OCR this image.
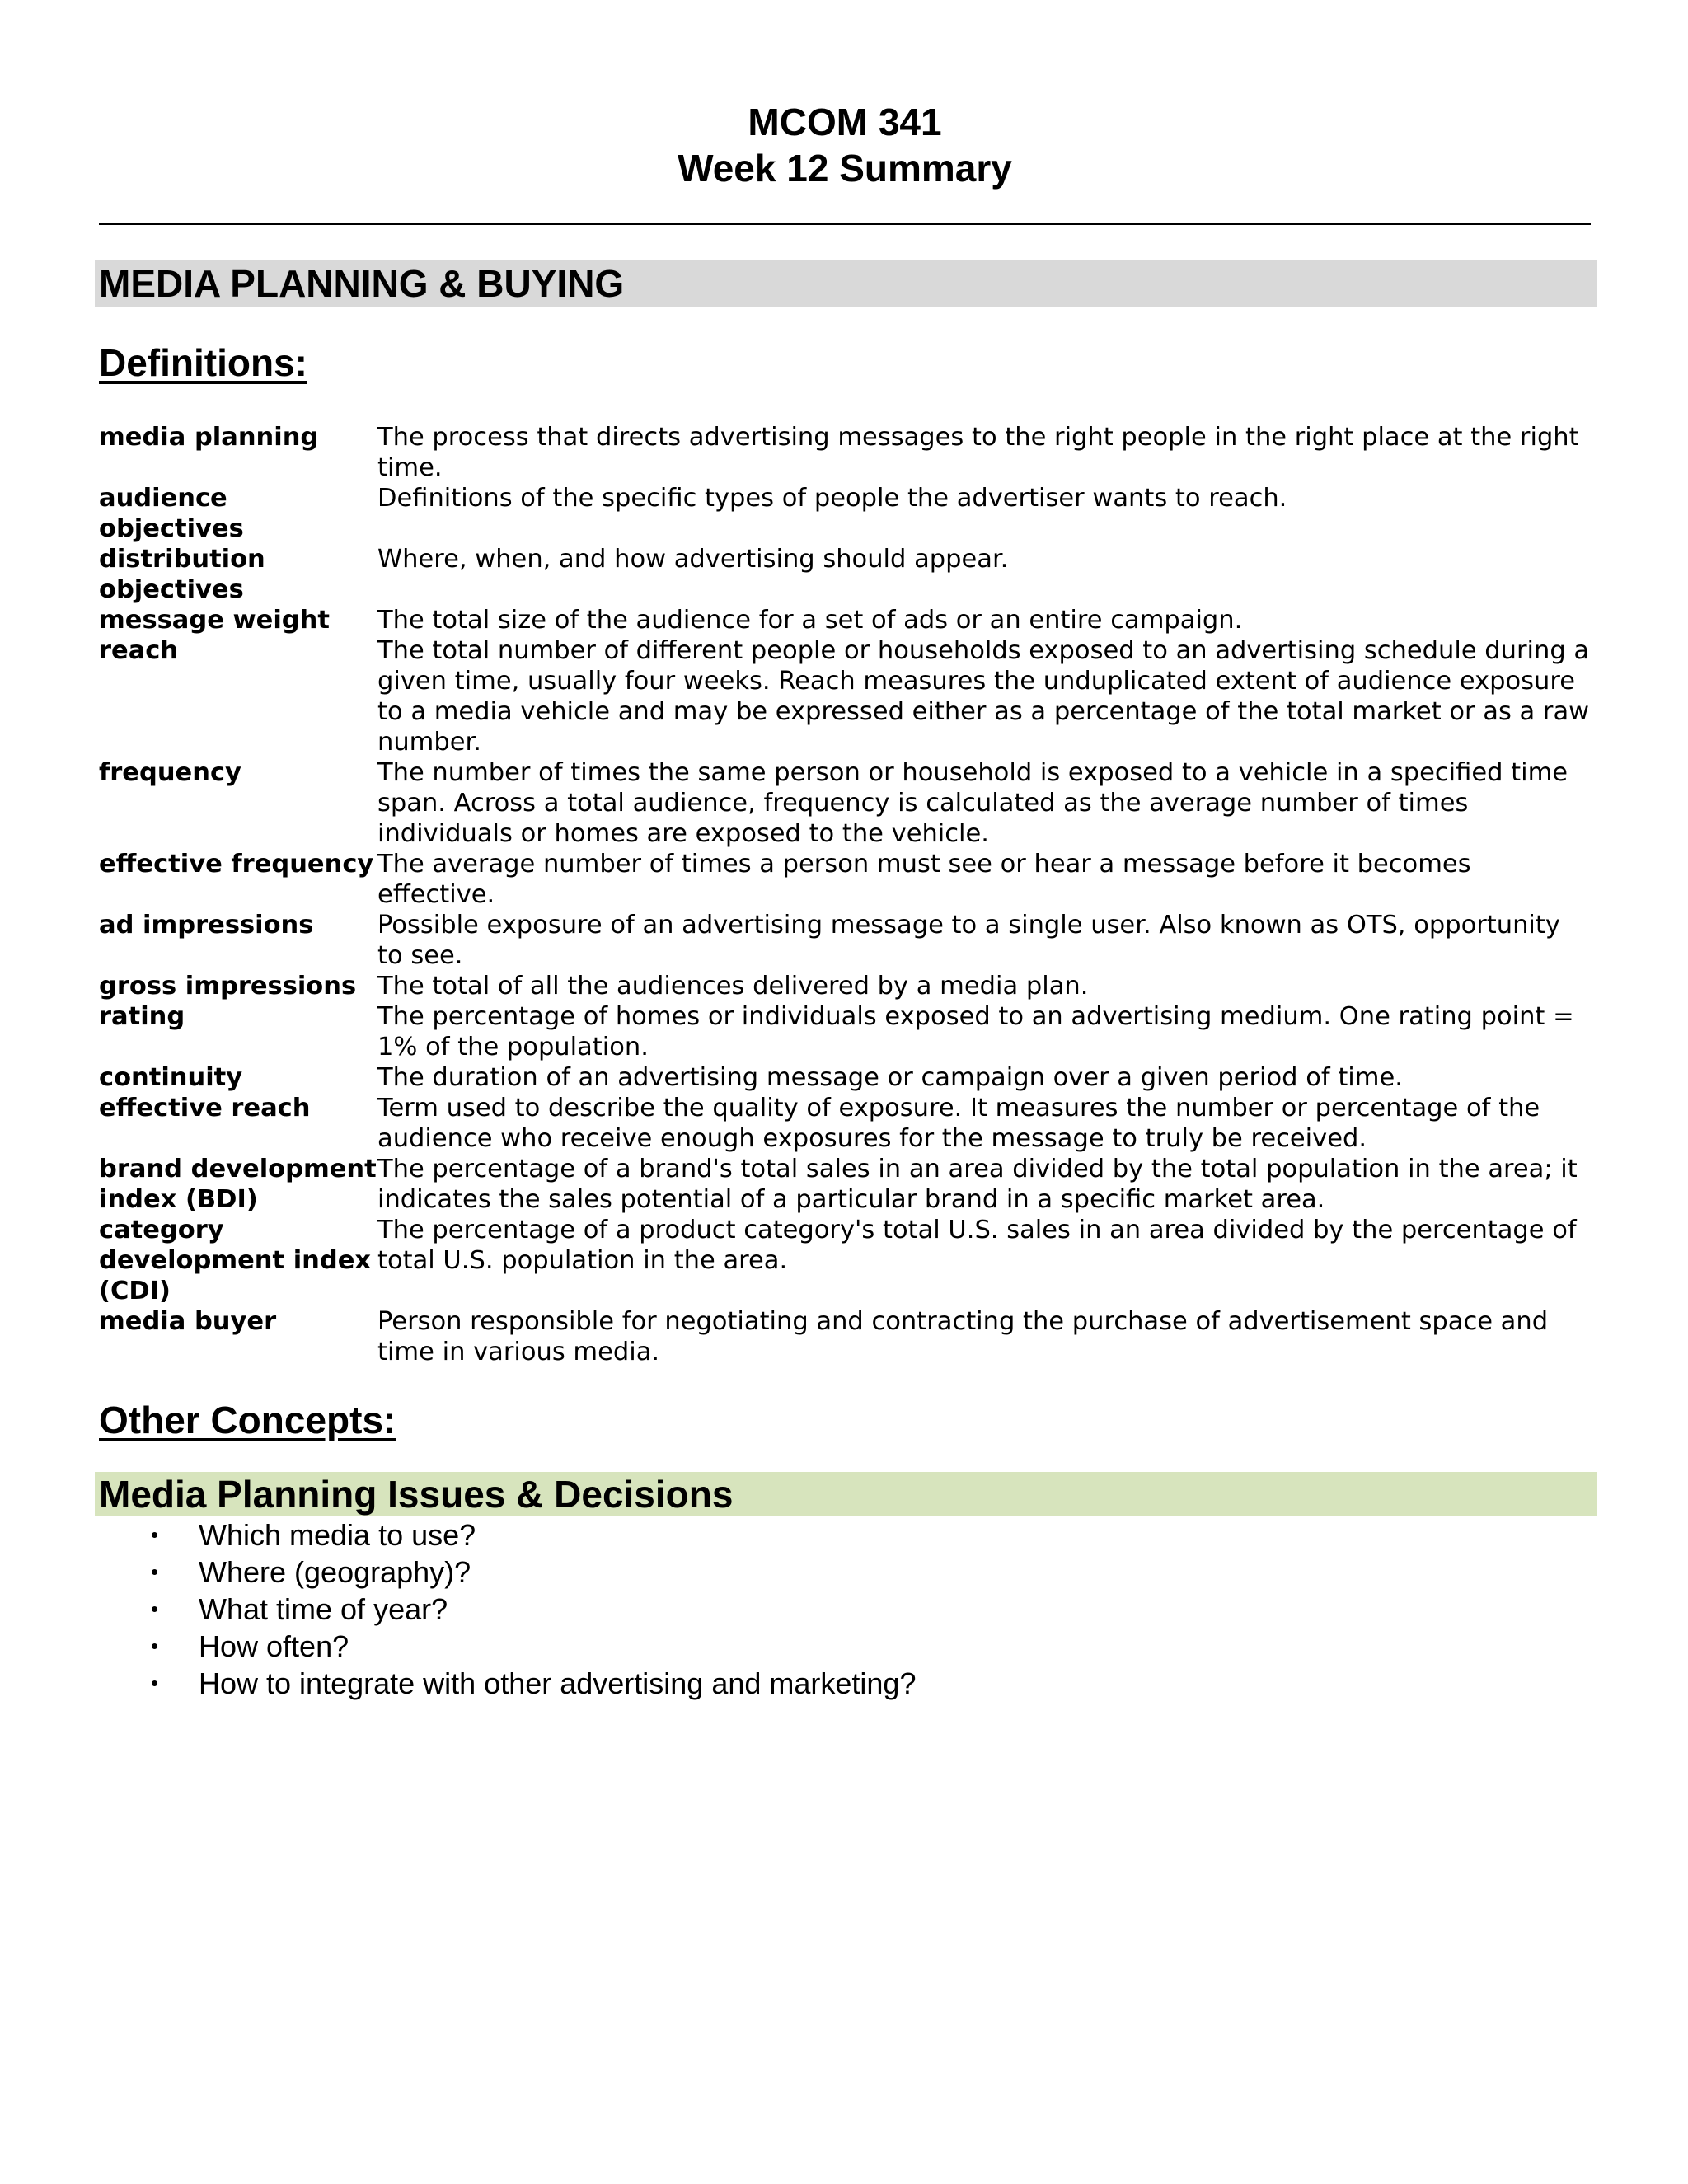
MCOM 341
Week 12 Summary
MEDIA PLANNING & BUYING
Definitions:
media planning	The process that directs advertising messages to the right people in the right place at the right time.
audience objectives	Definitions of the specific types of people the advertiser wants to reach.
distribution objectives	Where, when, and how advertising should appear.
message weight	The total size of the audience for a set of ads or an entire campaign.
reach	The total number of different people or households exposed to an advertising schedule during a given time, usually four weeks. Reach measures the unduplicated extent of audience exposure to a media vehicle and may be expressed either as a percentage of the total market or as a raw number.
frequency	The number of times the same person or household is exposed to a vehicle in a specified time span. Across a total audience, frequency is calculated as the average number of times individuals or homes are exposed to the vehicle.
effective frequency	The average number of times a person must see or hear a message before it becomes effective.
ad impressions	Possible exposure of an advertising message to a single user. Also known as OTS, opportunity to see.
gross impressions	The total of all the audiences delivered by a media plan.
rating	The percentage of homes or individuals exposed to an advertising medium. One rating point = 1% of the population.
continuity	The duration of an advertising message or campaign over a given period of time.
effective reach	Term used to describe the quality of exposure. It measures the number or percentage of the audience who receive enough exposures for the message to truly be received.
brand development index (BDI)	The percentage of a brand's total sales in an area divided by the total population in the area; it indicates the sales potential of a particular brand in a specific market area.
category development index (CDI)	The percentage of a product category's total U.S. sales in an area divided by the percentage of total U.S. population in the area.
media buyer	Person responsible for negotiating and contracting the purchase of advertisement space and time in various media.
Other Concepts:
Media Planning Issues & Decisions
• Which media to use?
• Where (geography)?
• What time of year?
• How often?
• How to integrate with other advertising and marketing?
